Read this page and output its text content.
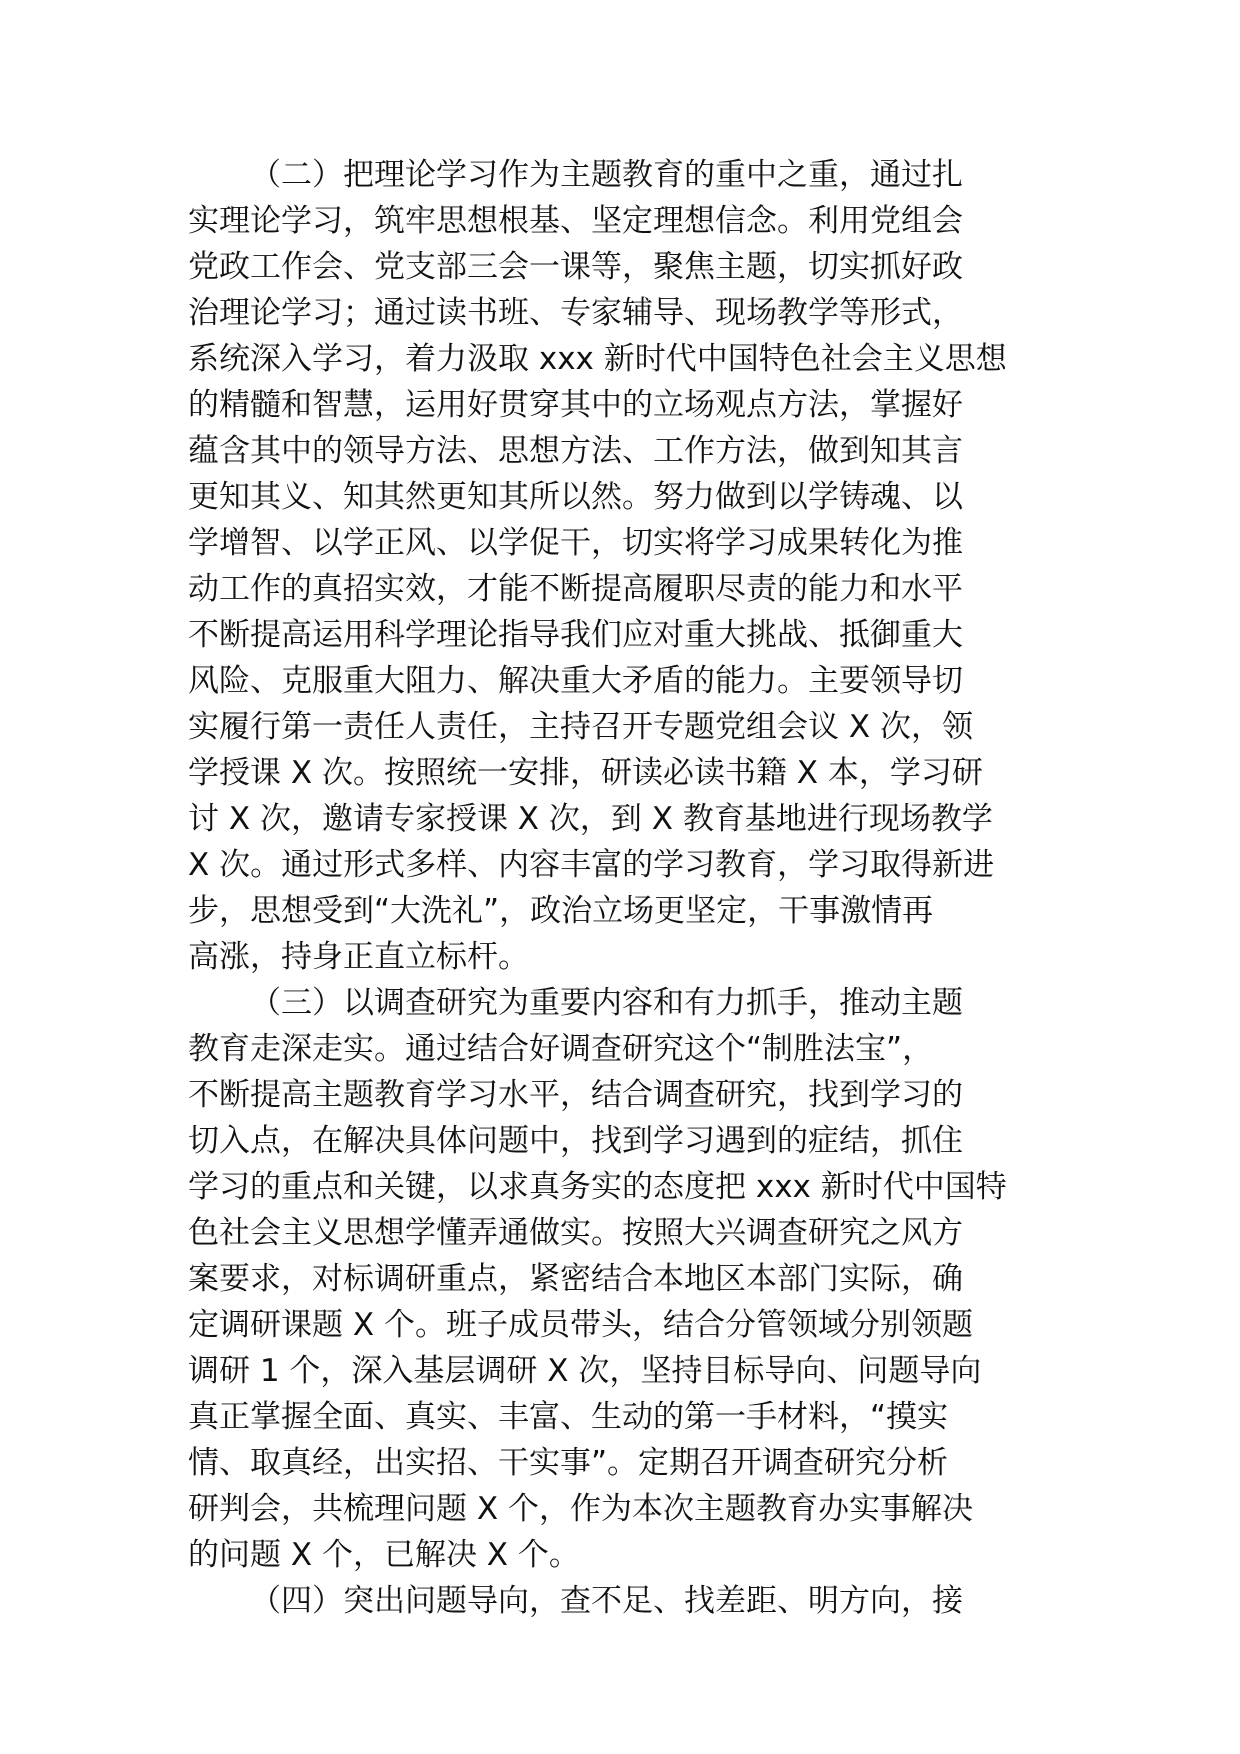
（二）把理论学习作为主题教育的重中之重，通过扎
实理论学习，筑牢思想根基、坚定理想信念。利用党组会
党政工作会、党支部三会一课等，聚焦主题，切实抓好政
治理论学习；通过读书班、专家辅导、现场教学等形式，
系统深入学习，着力汲取 xxx 新时代中国特色社会主义思想
的精髓和智慧，运用好贯穿其中的立场观点方法，掌握好
蕴含其中的领导方法、思想方法、工作方法，做到知其言
更知其义、知其然更知其所以然。努力做到以学铸魂、以
学增智、以学正风、以学促干，切实将学习成果转化为推
动工作的真招实效，才能不断提高履职尽责的能力和水平
不断提高运用科学理论指导我们应对重大挑战、抵御重大
风险、克服重大阻力、解决重大矛盾的能力。主要领导切
实履行第一责任人责任，主持召开专题党组会议 X 次，领
学授课 X 次。按照统一安排，研读必读书籍 X 本，学习研
讨 X 次，邀请专家授课 X 次，到 X 教育基地进行现场教学
X 次。通过形式多样、内容丰富的学习教育，学习取得新进
步，思想受到“大洗礼”，政治立场更坚定，干事激情再
高涨，持身正直立标杆。
（三）以调查研究为重要内容和有力抓手，推动主题
教育走深走实。通过结合好调查研究这个“制胜法宝”，
不断提高主题教育学习水平，结合调查研究，找到学习的
切入点，在解决具体问题中，找到学习遇到的症结，抓住
学习的重点和关键，以求真务实的态度把 xxx 新时代中国特
色社会主义思想学懂弄通做实。按照大兴调查研究之风方
案要求，对标调研重点，紧密结合本地区本部门实际，确
定调研课题 X 个。班子成员带头，结合分管领域分别领题
调研 1 个，深入基层调研 X 次，坚持目标导向、问题导向
真正掌握全面、真实、丰富、生动的第一手材料，“摸实
情、取真经，出实招、干实事”。定期召开调查研究分析
研判会，共梳理问题 X 个，作为本次主题教育办实事解决
的问题 X 个，已解决 X 个。
（四）突出问题导向，查不足、找差距、明方向，接
